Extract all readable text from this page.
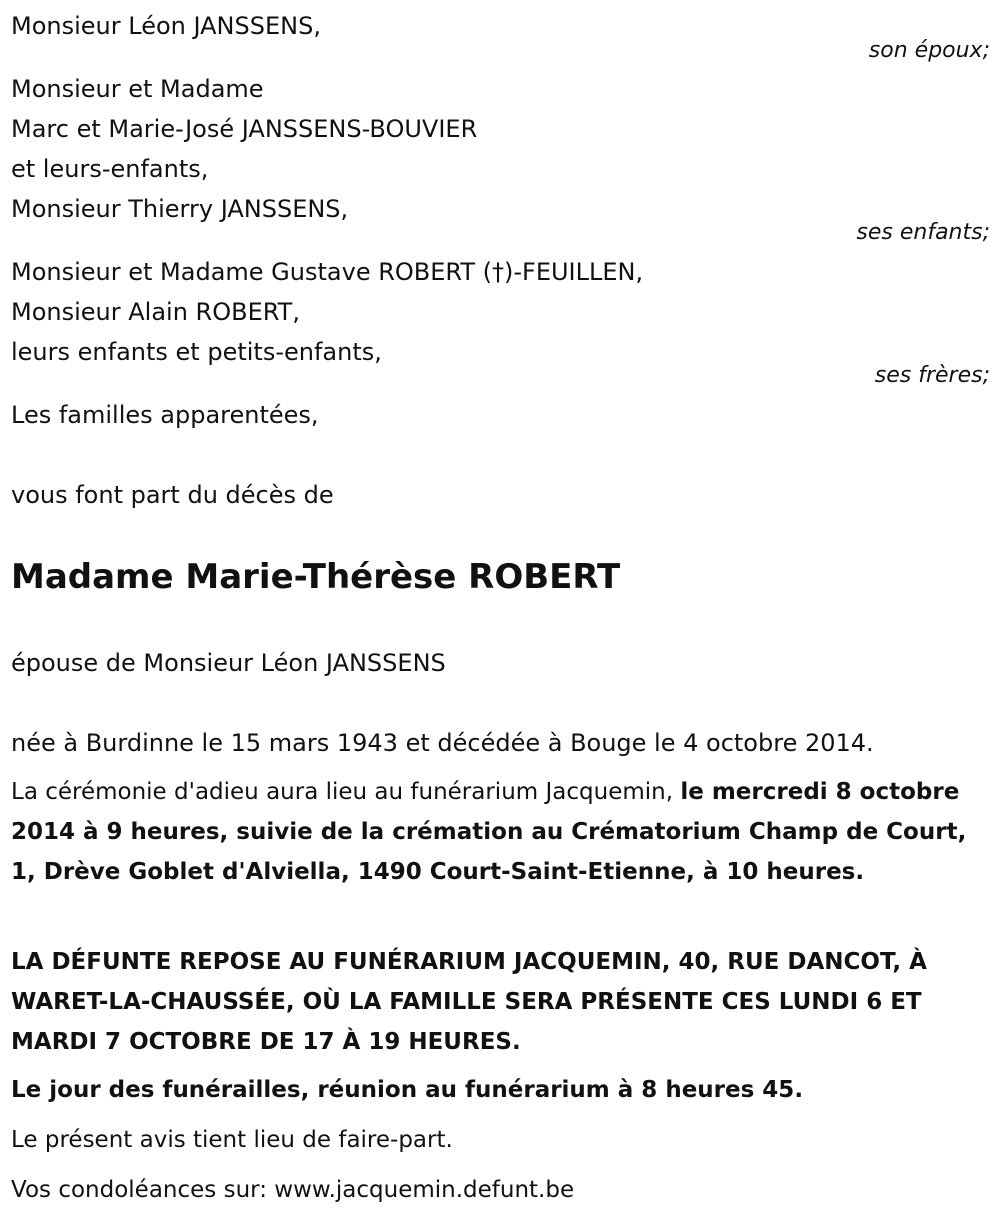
Monsieur Léon JANSSENS,
son époux;
Monsieur et Madame
Marc et Marie-José JANSSENS-BOUVIER
et leurs-enfants,
Monsieur Thierry JANSSENS,
ses enfants;
Monsieur et Madame Gustave ROBERT (†)-FEUILLEN,
Monsieur Alain ROBERT,
leurs enfants et petits-enfants,
ses frères;
Les familles apparentées,
vous font part du décès de
Madame Marie-Thérèse ROBERT
épouse de Monsieur Léon JANSSENS
née à Burdinne le 15 mars 1943 et décédée à Bouge le 4 octobre 2014.
La cérémonie d'adieu aura lieu au funérarium Jacquemin, le mercredi 8 octobre 2014 à 9 heures, suivie de la crémation au Crématorium Champ de Court, 1, Drève Goblet d'Alviella, 1490 Court-Saint-Etienne, à 10 heures.
LA DÉFUNTE REPOSE AU FUNÉRARIUM JACQUEMIN, 40, RUE DANCOT, À WARET-LA-CHAUSSÉE, OÙ LA FAMILLE SERA PRÉSENTE CES LUNDI 6 ET MARDI 7 OCTOBRE DE 17 À 19 HEURES.
Le jour des funérailles, réunion au funérarium à 8 heures 45.
Le présent avis tient lieu de faire-part.
Vos condoléances sur: www.jacquemin.defunt.be
